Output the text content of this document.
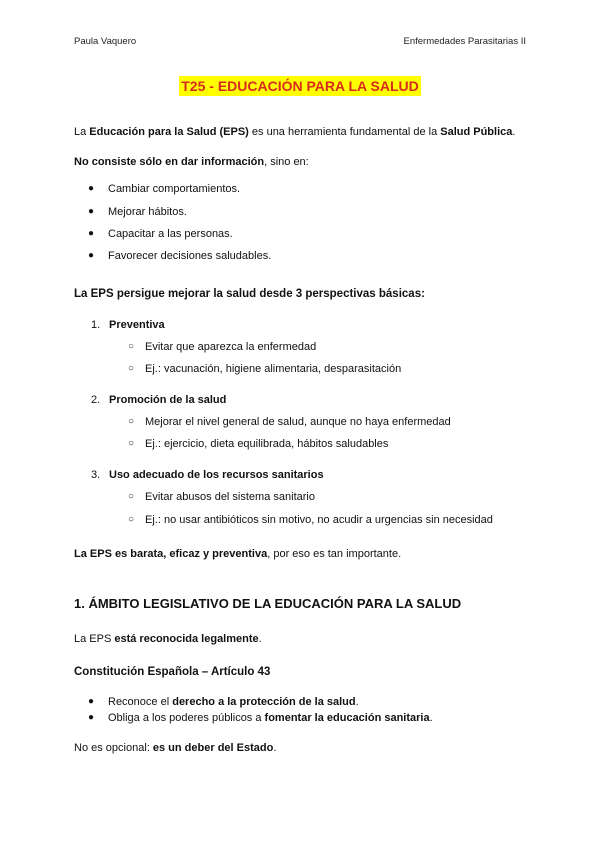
Paula Vaquero	Enfermedades Parasitarias II
T25 - EDUCACIÓN PARA LA SALUD
La Educación para la Salud (EPS) es una herramienta fundamental de la Salud Pública.
No consiste sólo en dar información, sino en:
● Cambiar comportamientos.
● Mejorar hábitos.
● Capacitar a las personas.
● Favorecer decisiones saludables.
La EPS persigue mejorar la salud desde 3 perspectivas básicas:
1. Preventiva
○ Evitar que aparezca la enfermedad
○ Ej.: vacunación, higiene alimentaria, desparasitación
2. Promoción de la salud
○ Mejorar el nivel general de salud, aunque no haya enfermedad
○ Ej.: ejercicio, dieta equilibrada, hábitos saludables
3. Uso adecuado de los recursos sanitarios
○ Evitar abusos del sistema sanitario
○ Ej.: no usar antibióticos sin motivo, no acudir a urgencias sin necesidad
La EPS es barata, eficaz y preventiva, por eso es tan importante.
1. ÁMBITO LEGISLATIVO DE LA EDUCACIÓN PARA LA SALUD
La EPS está reconocida legalmente.
Constitución Española – Artículo 43
● Reconoce el derecho a la protección de la salud.
● Obliga a los poderes públicos a fomentar la educación sanitaria.
No es opcional: es un deber del Estado.
